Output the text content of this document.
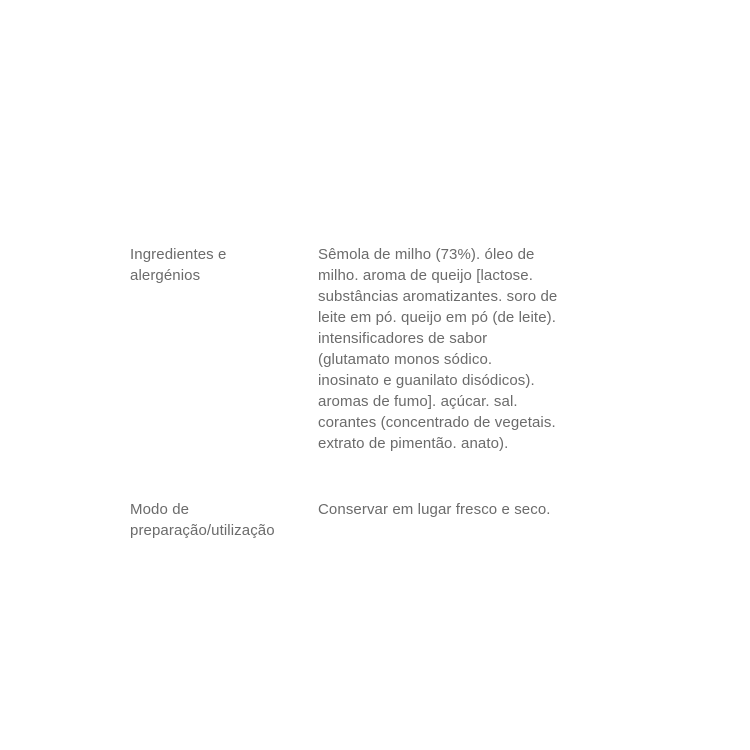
Ingredientes e
alergénios
Sêmola de milho (73%). óleo de
milho. aroma de queijo [lactose.
substâncias aromatizantes. soro de
leite em pó. queijo em pó (de leite).
intensificadores de sabor
(glutamato monos sódico.
inosinato e guanilato disódicos).
aromas de fumo]. açúcar. sal.
corantes (concentrado de vegetais.
extrato de pimentão. anato).
Modo de
preparação/utilização
Conservar em lugar fresco e seco.
